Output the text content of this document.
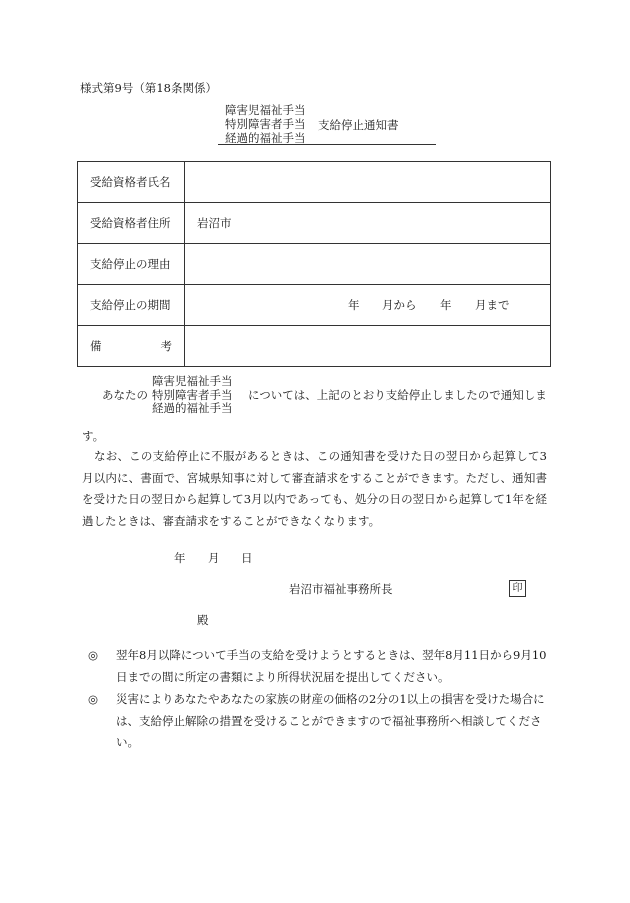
様式第9号（第18条関係）
障害児福祉手当
特別障害者手当
経過的福祉手当
支給停止通知書
受給資格者氏名	
受給資格者住所	岩沼市
支給停止の理由	
支給停止の期間	年 月から 年 月まで

備 考	

障害児福祉手当
特別障害者手当
経過的福祉手当
あなたの	については、上記のとおり支給停止しましたので通知しま
す。
なお、この支給停止に不服があるときは、この通知書を受けた日の翌日から起算して3月以内に、書面で、宮城県知事に対して審査請求をすることができます。ただし、通知書を受けた日の翌日から起算して3月以内であっても、処分の日の翌日から起算して1年を経過したときは、審査請求をすることができなくなります。
年 月 日
岩沼市福祉事務所長	印
殿
◎	翌年8月以降について手当の支給を受けようとするときは、翌年8月11日から9月10日までの間に所定の書類により所得状況届を提出してください。
◎	災害によりあなたやあなたの家族の財産の価格の2分の1以上の損害を受けた場合には、支給停止解除の措置を受けることができますので福祉事務所へ相談してください。
